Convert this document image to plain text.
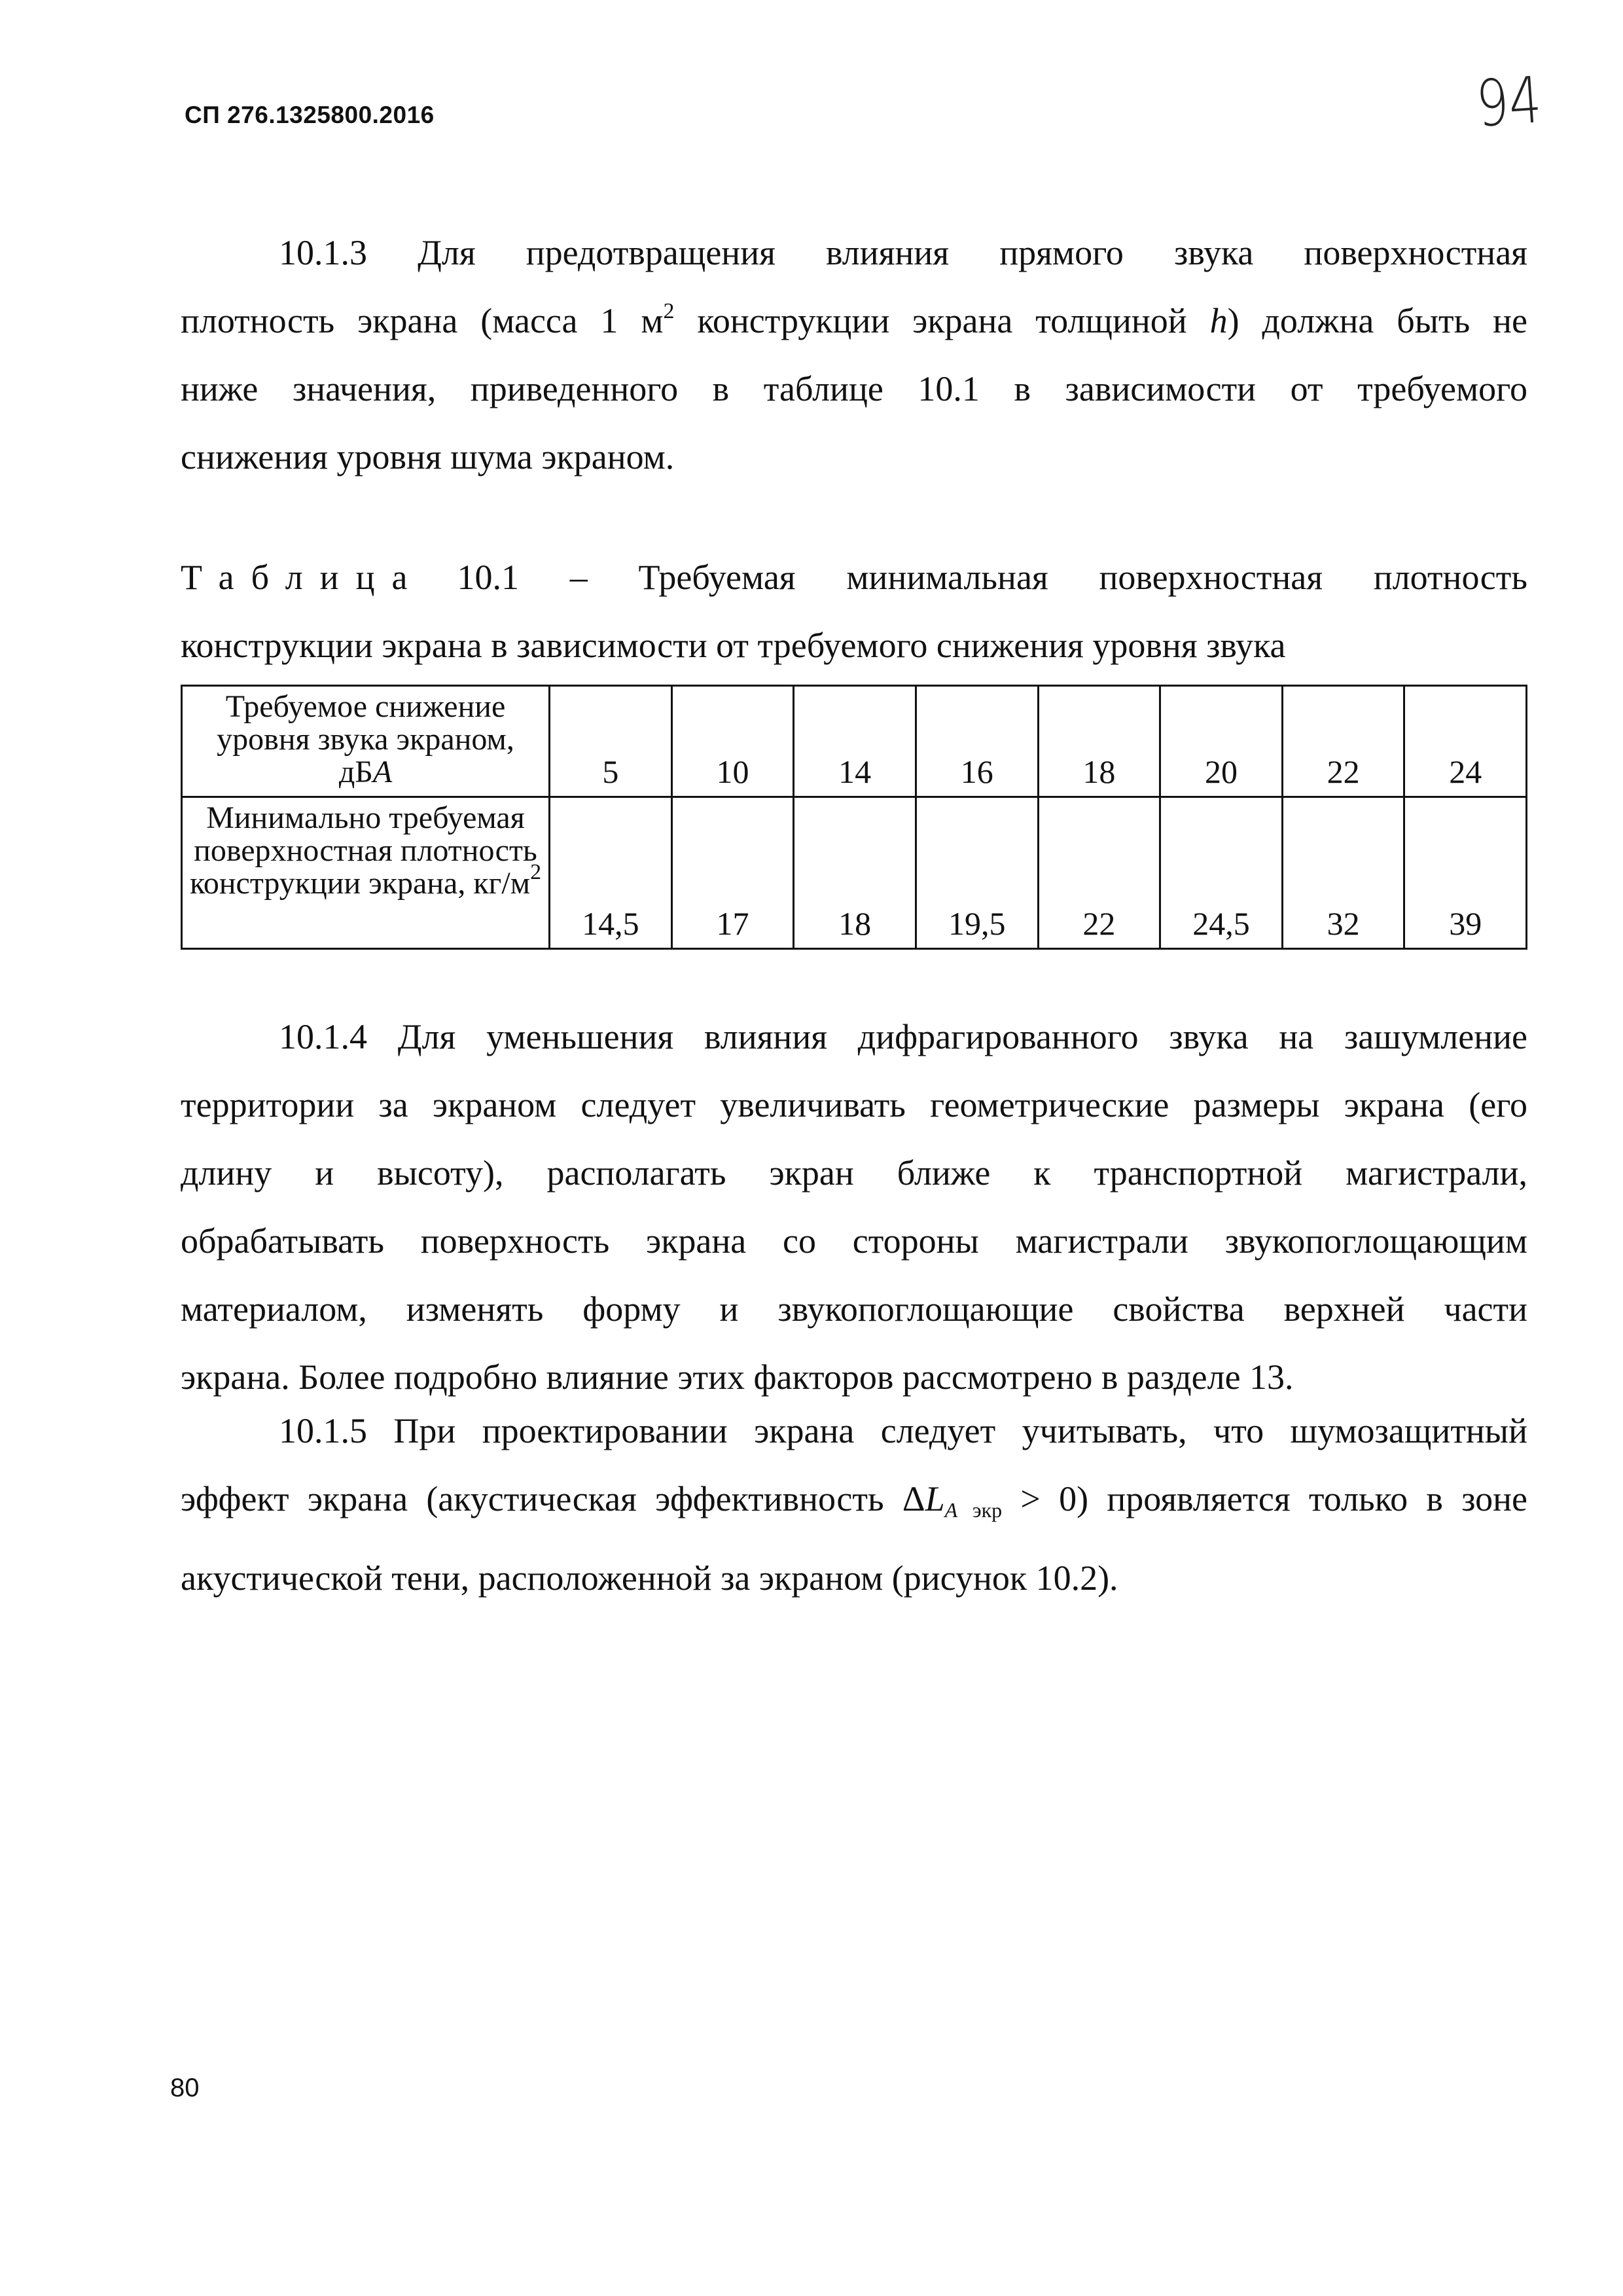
СП 276.1325800.2016	94
10.1.3 Для предотвращения влияния прямого звука поверхностная
плотность экрана (масса 1 $м^2$ конструкции экрана толщиной h) должна быть не
ниже значения, приведенного в таблице 10.1 в зависимости от требуемого
снижения уровня шума экраном.
Таблица 10.1 – Требуемая минимальная поверхностная плотность
конструкции экрана в зависимости от требуемого снижения уровня звука
Требуемое снижение уровня звука экраном, дБА	5	10	14	16	18	20	22	24
Минимально требуемая поверхностная плотность конструкции экрана, $кг/м^2$	14,5	17	18	19,5	22	24,5	32	39
10.1.4 Для уменьшения влияния дифрагированного звука на зашумление
территории за экраном следует увеличивать геометрические размеры экрана (его
длину и высоту), располагать экран ближе к транспортной магистрали,
обрабатывать поверхность экрана со стороны магистрали звукопоглощающим
материалом, изменять форму и звукопоглощающие свойства верхней части
экрана. Более подробно влияние этих факторов рассмотрено в разделе 13.
10.1.5 При проектировании экрана следует учитывать, что шумозащитный
эффект экрана (акустическая эффективность $\Delta L_{A экр} > 0$) проявляется только в зоне
акустической тени, расположенной за экраном (рисунок 10.2).
80
